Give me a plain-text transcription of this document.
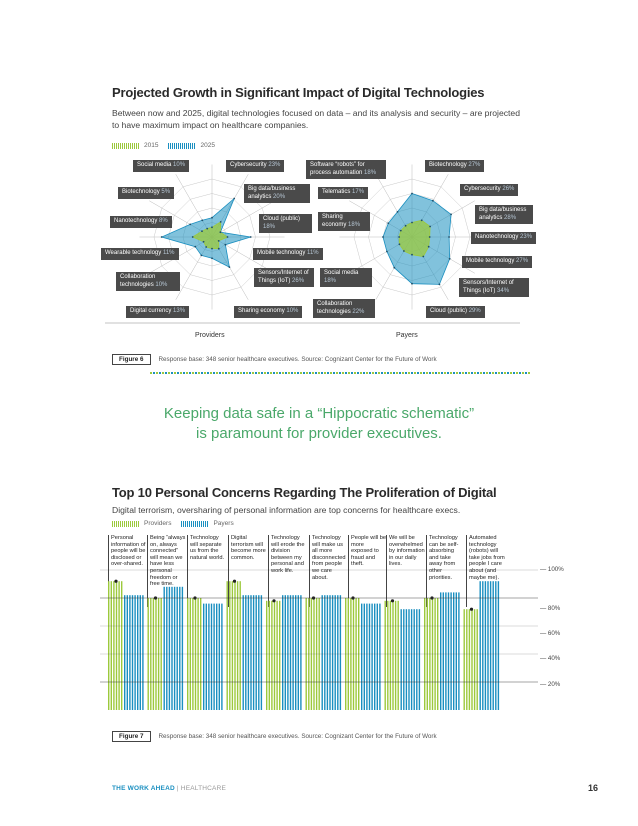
Projected Growth in Significant Impact of Digital Technologies
Between now and 2025, digital technologies focused on data – and its analysis and security – are projected to have maximum impact on healthcare companies.
2015	2025
Social media 10%	Cybersecurity 23%
Biotechnology 5%	Big data/business analytics 20%
Nanotechnology 8%	Cloud (public) 18%
Wearable technology 11%	Mobile technology 11%
Collaboration technologies 10%
Sensors/Internet of Things (IoT) 26%
Digital currency 13%	Sharing economy 10%
Software “robots” for process automation 18%
Biotechnology 27%
Telematics 17%	Cybersecurity 26%
Sharing economy 18%
Big data/business analytics 28%
Nanotechnology 23%
Mobile technology 27%
Social media 18%	Sensors/Internet of Things (IoT) 34%
Collaboration technologies 22%	Cloud (public) 29%
Providers	Payers
Figure 6	Response base: 348 senior healthcare executives. Source: Cognizant Center for the Future of Work
Keeping data safe in a “Hippocratic schematic”
is paramount for provider executives.
Top 10 Personal Concerns Regarding The Proliferation of Digital
Digital terrorism, oversharing of personal information are top concerns for healthcare execs.
Providers	Payers
Personal information of people will be disclosed or over-shared.
Being “always on, always connected” will mean we have less personal freedom or free time.
Technology will separate us from the natural world.
Digital terrorism will become more common.
Technology will erode the division between my personal and work life.
Technology will make us all more disconnected from people we care about.
People will be more exposed to fraud and theft.
We will be overwhelmed by information in our daily lives.
Technology can be self-absorbing and take away from other priorities.
Automated technology (robots) will take jobs from people I care about (and maybe me).
— 100%
— 80%
— 60%
— 40%
— 20%
Figure 7	Response base: 348 senior healthcare executives. Source: Cognizant Center for the Future of Work
THE WORK AHEAD | HEALTHCARE	16
